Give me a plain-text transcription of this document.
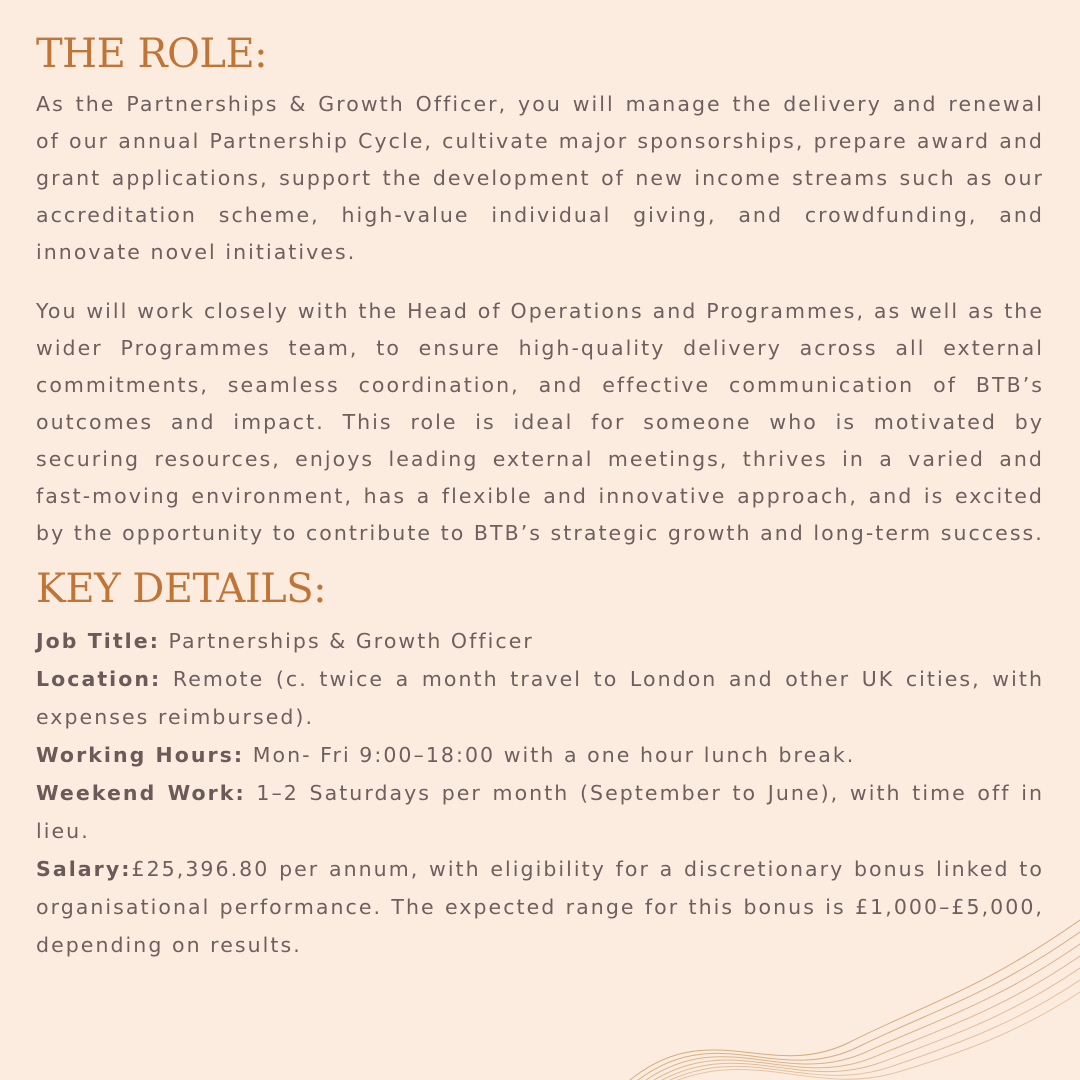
THE ROLE:

As the Partnerships & Growth Officer, you will manage the delivery and renewal of our annual Partnership Cycle, cultivate major sponsorships, prepare award and grant applications, support the development of new income streams such as our accreditation scheme, high-value individual giving, and crowdfunding, and innovate novel initiatives.

You will work closely with the Head of Operations and Programmes, as well as the wider Programmes team, to ensure high-quality delivery across all external commitments, seamless coordination, and effective communication of BTB’s outcomes and impact. This role is ideal for someone who is motivated by securing resources, enjoys leading external meetings, thrives in a varied and fast-moving environment, has a flexible and innovative approach, and is excited by the opportunity to contribute to BTB’s strategic growth and long-term success.

KEY DETAILS:
Job Title: Partnerships & Growth Officer
Location: Remote (c. twice a month travel to London and other UK cities, with expenses reimbursed).
Working Hours: Mon- Fri 9:00–18:00 with a one hour lunch break.
Weekend Work: 1–2 Saturdays per month (September to June), with time off in lieu.
Salary:£25,396.80 per annum, with eligibility for a discretionary bonus linked to organisational performance. The expected range for this bonus is £1,000–£5,000, depending on results.
